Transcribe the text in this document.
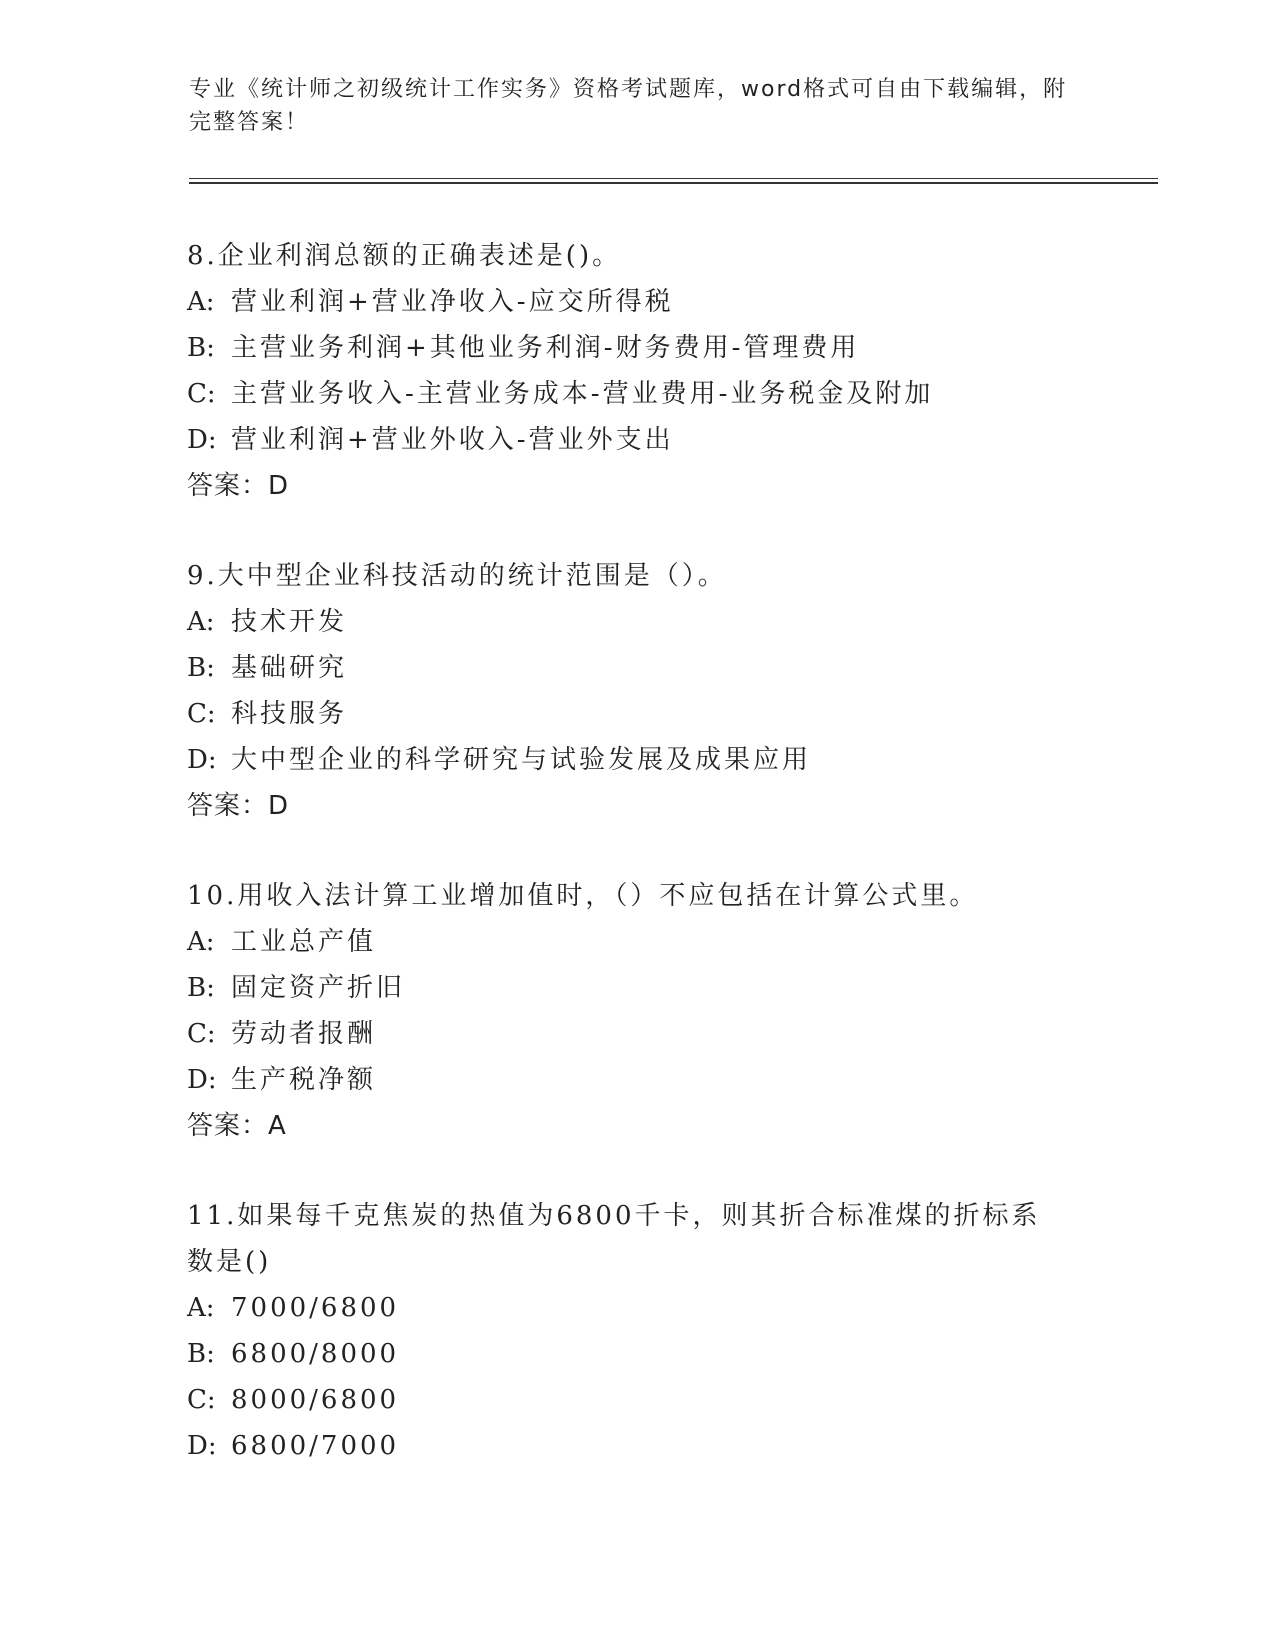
专业《统计师之初级统计工作实务》资格考试题库，word格式可自由下载编辑，附完整答案！
8.企业利润总额的正确表述是()。
A: 营业利润+营业净收入-应交所得税
B: 主营业务利润+其他业务利润-财务费用-管理费用
C: 主营业务收入-主营业务成本-营业费用-业务税金及附加
D: 营业利润+营业外收入-营业外支出
答案：D
9.大中型企业科技活动的统计范围是（）。
A: 技术开发
B: 基础研究
C: 科技服务
D: 大中型企业的科学研究与试验发展及成果应用
答案：D
10.用收入法计算工业增加值时，（）不应包括在计算公式里。
A: 工业总产值
B: 固定资产折旧
C: 劳动者报酬
D: 生产税净额
答案：A
11.如果每千克焦炭的热值为6800千卡，则其折合标准煤的折标系数是()
A: 7000/6800
B: 6800/8000
C: 8000/6800
D: 6800/7000
